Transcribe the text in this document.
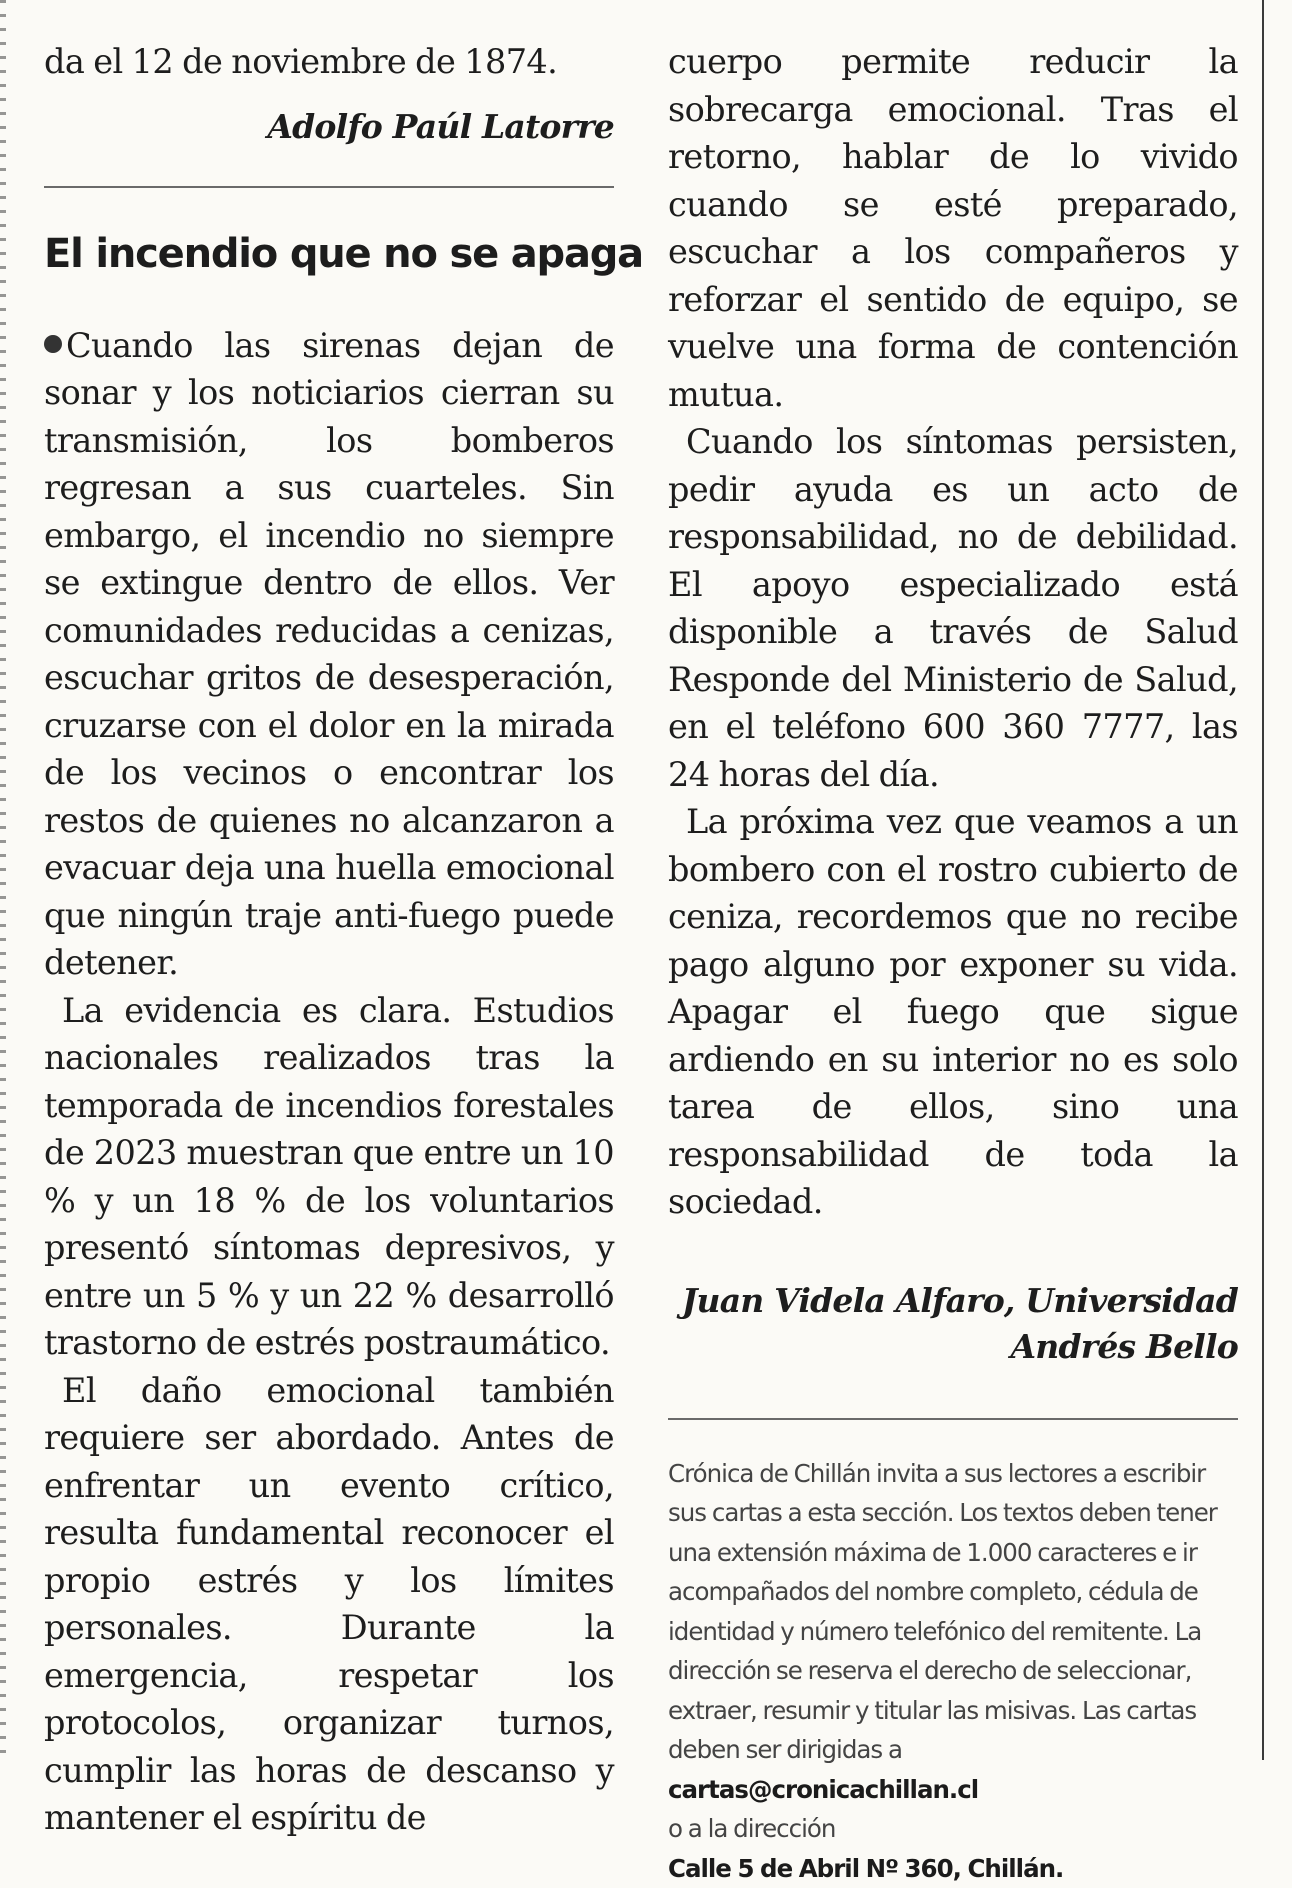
da el 12 de noviembre de 1874.

Adolfo Paúl Latorre

El incendio que no se apaga

Cuando las sirenas dejan de sonar y los noticiarios cierran su transmisión, los bomberos regresan a sus cuarteles. Sin embargo, el incendio no siempre se extingue dentro de ellos. Ver comunidades reducidas a cenizas, escuchar gritos de desesperación, cruzarse con el dolor en la mirada de los vecinos o encontrar los restos de quienes no alcanzaron a evacuar deja una huella emocional que ningún traje anti-fuego puede detener.

La evidencia es clara. Estudios nacionales realizados tras la temporada de incendios forestales de 2023 muestran que entre un 10 % y un 18 % de los voluntarios presentó síntomas depresivos, y entre un 5 % y un 22 % desarrolló trastorno de estrés postraumático.

El daño emocional también requiere ser abordado. Antes de enfrentar un evento crítico, resulta fundamental reconocer el propio estrés y los límites personales. Durante la emergencia, respetar los protocolos, organizar turnos, cumplir las horas de descanso y mantener el espíritu de

cuerpo permite reducir la sobrecarga emocional. Tras el retorno, hablar de lo vivido cuando se esté preparado, escuchar a los compañeros y reforzar el sentido de equipo, se vuelve una forma de contención mutua.

Cuando los síntomas persisten, pedir ayuda es un acto de responsabilidad, no de debilidad. El apoyo especializado está disponible a través de Salud Responde del Ministerio de Salud, en el teléfono 600 360 7777, las 24 horas del día.

La próxima vez que veamos a un bombero con el rostro cubierto de ceniza, recordemos que no recibe pago alguno por exponer su vida. Apagar el fuego que sigue ardiendo en su interior no es solo tarea de ellos, sino una responsabilidad de toda la sociedad.

Juan Videla Alfaro, Universidad
Andrés Bello

Crónica de Chillán invita a sus lectores a escribir sus cartas a esta sección. Los textos deben tener una extensión máxima de 1.000 caracteres e ir acompañados del nombre completo, cédula de identidad y número telefónico del remitente. La dirección se reserva el derecho de seleccionar, extraer, resumir y titular las misivas. Las cartas deben ser dirigidas a

cartas@cronicachillan.cl

o a la dirección

Calle 5 de Abril Nº 360, Chillán.
